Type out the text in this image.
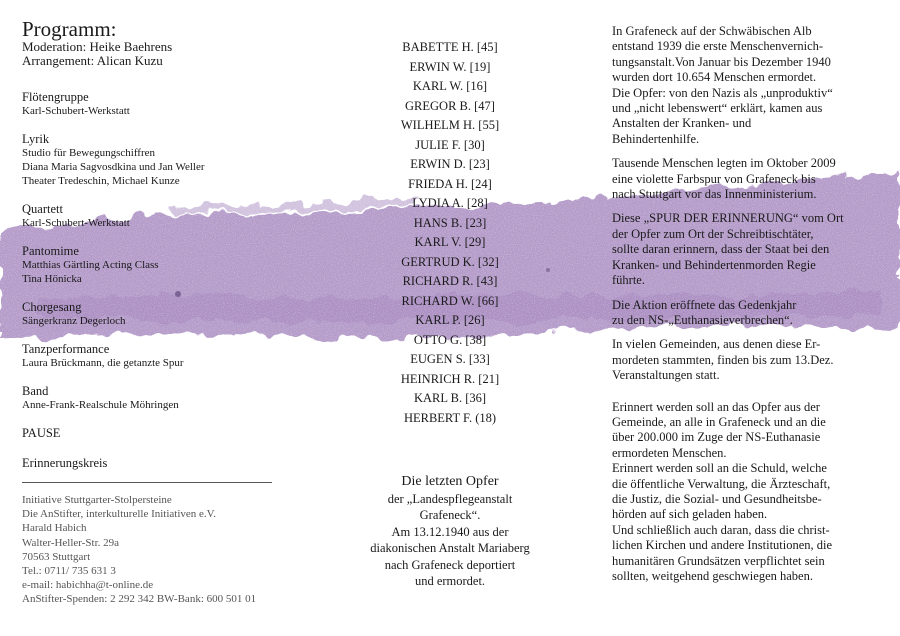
Programm:
Moderation: Heike Baehrens
Arrangement: Alican Kuzu
Flötengruppe
Karl-Schubert-Werkstatt
Lyrik
Studio für Bewegungschiffren
Diana Maria Sagvosdkina und Jan Weller
Theater Tredeschin, Michael Kunze
Quartett
Karl-Schubert-Werkstatt
Pantomime
Matthias Gärtling Acting Class
Tina Hönicka
Chorgesang
Sängerkranz Degerloch
Tanzperformance
Laura Brückmann, die getanzte Spur
Band
Anne-Frank-Realschule Möhringen
PAUSE
Erinnerungskreis
Initiative Stuttgarter-Stolpersteine
Die AnStifter, interkulturelle Initiativen e.V.
Harald Habich
Walter-Heller-Str. 29a
70563 Stuttgart
Tel.: 0711/ 735 631 3
e-mail: habichha@t-online.de
AnStifter-Spenden: 2 292 342 BW-Bank: 600 501 01
BABETTE H. [45]
ERWIN W. [19]
KARL W. [16]
GREGOR B. [47]
WILHELM H. [55]
JULIE F. [30]
ERWIN D. [23]
FRIEDA H. [24]
LYDIA A. [28]
HANS B. [23]
KARL V. [29]
GERTRUD K. [32]
RICHARD R. [43]
RICHARD W. [66]
KARL P. [26]
OTTO G. [38]
EUGEN S. [33]
HEINRICH R. [21]
KARL B. [36]
HERBERT F. (18)
Die letzten Opfer
der „Landespflegeanstalt
Grafeneck“.
Am 13.12.1940 aus der
diakonischen Anstalt Mariaberg
nach Grafeneck deportiert
und ermordet.

In Grafeneck auf der Schwäbischen Alb
entstand 1939 die erste Menschenvernich-
tungsanstalt.Von Januar bis Dezember 1940
wurden dort 10.654 Menschen ermordet.
Die Opfer: von den Nazis als „unproduktiv“
und „nicht lebenswert“ erklärt, kamen aus
Anstalten der Kranken- und
Behindertenhilfe.

Tausende Menschen legten im Oktober 2009
eine violette Farbspur von Grafeneck bis
nach Stuttgart vor das Innenministerium.

Diese „SPUR DER ERINNERUNG“ vom Ort
der Opfer zum Ort der Schreibtischtäter,
sollte daran erinnern, dass der Staat bei den
Kranken- und Behindertenmorden Regie
führte.

Die Aktion eröffnete das Gedenkjahr
zu den NS-„Euthanasieverbrechen“.

In vielen Gemeinden, aus denen diese Er-
mordeten stammten, finden bis zum 13.Dez.
Veranstaltungen statt.

Erinnert werden soll an das Opfer aus der
Gemeinde, an alle in Grafeneck und an die
über 200.000 im Zuge der NS-Euthanasie
ermordeten Menschen.
Erinnert werden soll an die Schuld, welche
die öffentliche Verwaltung, die Ärzteschaft,
die Justiz, die Sozial- und Gesundheitsbe-
hörden auf sich geladen haben.
Und schließlich auch daran, dass die christ-
lichen Kirchen und andere Institutionen, die
humanitären Grundsätzen verpflichtet sein
sollten, weitgehend geschwiegen haben.
